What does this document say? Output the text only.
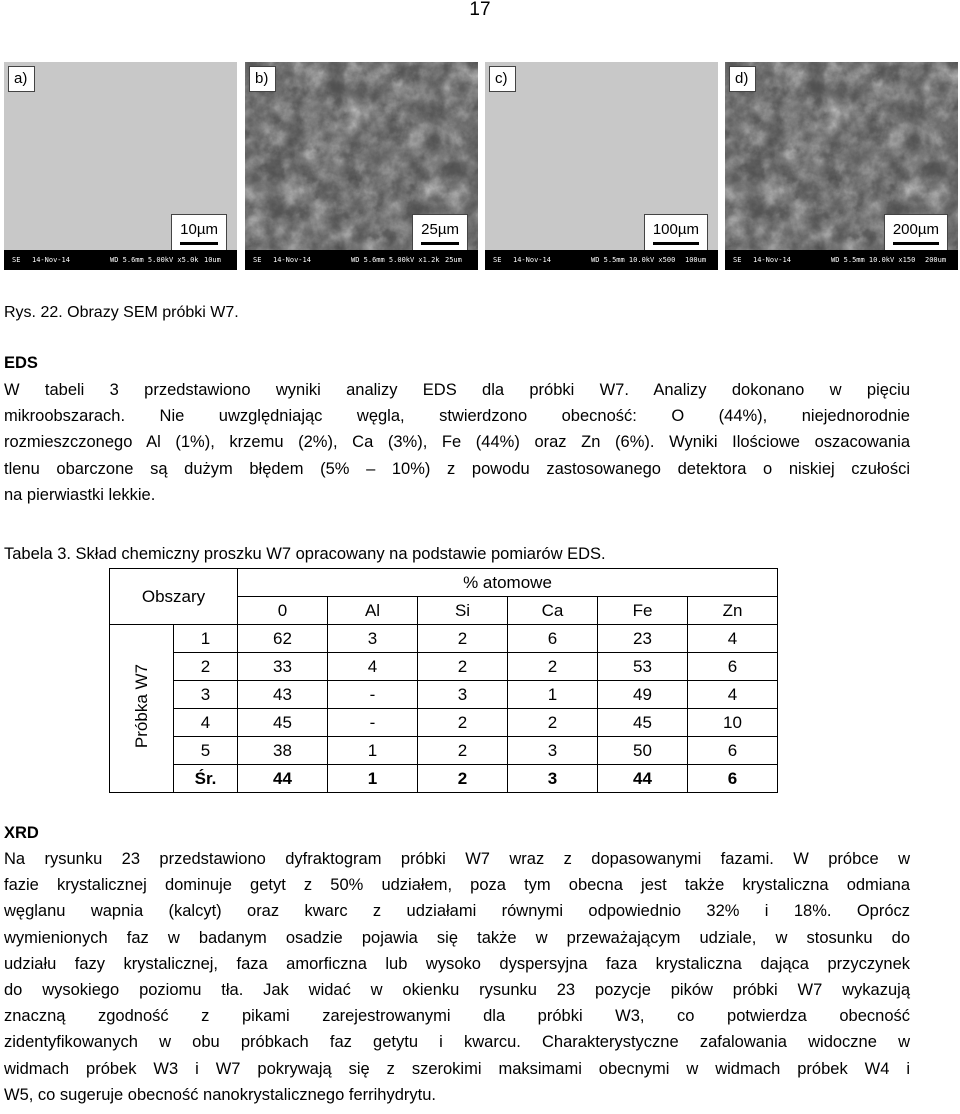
17
a)
10µm
SE 14-Nov-14	WD 5.6mm 5.00kV x5.0k 10um
b)
25µm
SE 14-Nov-14	WD 5.6mm 5.00kV x1.2k 25um
c)
100µm
SE 14-Nov-14	WD 5.5mm 10.0kV x500 100um
d)
200µm
SE 14-Nov-14	WD 5.5mm 10.0kV x150 200um
Rys. 22. Obrazy SEM próbki W7.
EDS
W tabeli 3 przedstawiono wyniki analizy EDS dla próbki W7. Analizy dokonano w pięciu
mikroobszarach. Nie uwzględniając węgla, stwierdzono obecność: O (44%), niejednorodnie
rozmieszczonego Al (1%), krzemu (2%), Ca (3%), Fe (44%) oraz Zn (6%). Wyniki Ilościowe oszacowania
tlenu obarczone są dużym błędem (5% – 10%) z powodu zastosowanego detektora o niskiej czułości
na pierwiastki lekkie.
Tabela 3. Skład chemiczny proszku W7 opracowany na podstawie pomiarów EDS.
Obszary		% atomowe					
		0	Al	Si	Ca	Fe	Zn
Próbka W7	1	62	3	2	6	23	4
	2	33	4	2	2	53	6
	3	43	-	3	1	49	4
	4	45	-	2	2	45	10
	5	38	1	2	3	50	6
	Śr.	44	1	2	3	44	6
XRD
Na rysunku 23 przedstawiono dyfraktogram próbki W7 wraz z dopasowanymi fazami. W próbce w
fazie krystalicznej dominuje getyt z 50% udziałem, poza tym obecna jest także krystaliczna odmiana
węglanu wapnia (kalcyt) oraz kwarc z udziałami równymi odpowiednio 32% i 18%. Oprócz
wymienionych faz w badanym osadzie pojawia się także w przeważającym udziale, w stosunku do
udziału fazy krystalicznej, faza amorficzna lub wysoko dyspersyjna faza krystaliczna dająca przyczynek
do wysokiego poziomu tła. Jak widać w okienku rysunku 23 pozycje pików próbki W7 wykazują
znaczną zgodność z pikami zarejestrowanymi dla próbki W3, co potwierdza obecność
zidentyfikowanych w obu próbkach faz getytu i kwarcu. Charakterystyczne zafalowania widoczne w
widmach próbek W3 i W7 pokrywają się z szerokimi maksimami obecnymi w widmach próbek W4 i
W5, co sugeruje obecność nanokrystalicznego ferrihydrytu.
